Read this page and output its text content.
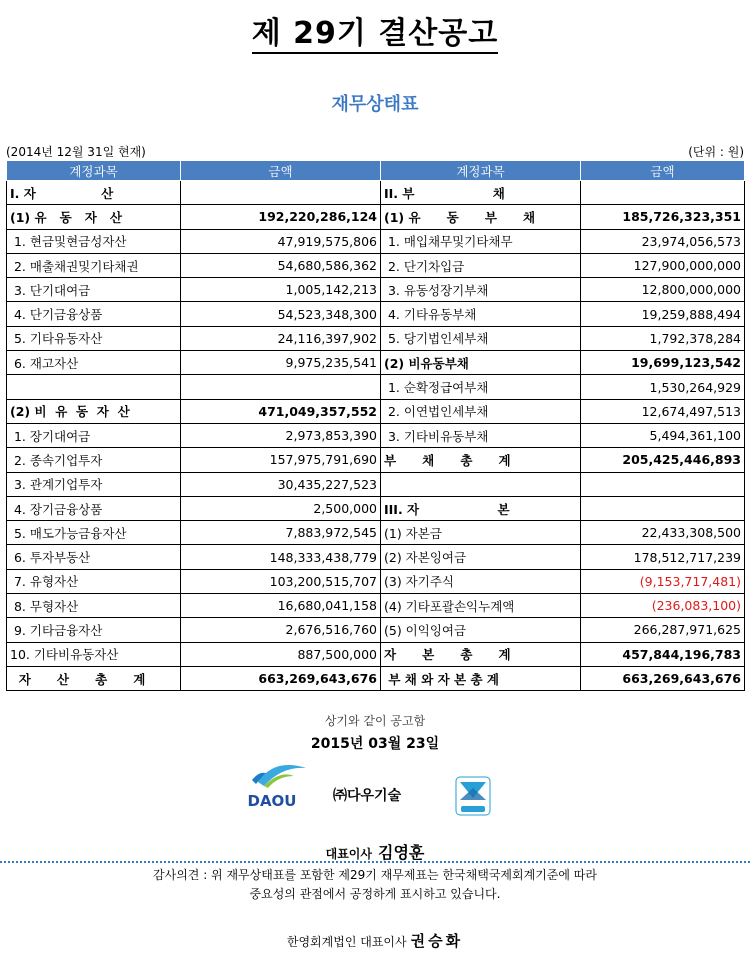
제 29기 결산공고
재무상태표
(2014년 12월 31일 현재)	(단위 : 원)
계정과목	금액	계정과목	금액
I. 자               산		II. 부                  채	
(1) 유   동   자   산	192,220,286,124	(1) 유      동      부      채	185,726,323,351
1. 현금및현금성자산	47,919,575,806	1. 매입채무및기타채무	23,974,056,573
2. 매출채권및기타채권	54,680,586,362	2. 단기차입금	127,900,000,000
3. 단기대여금	1,005,142,213	3. 유동성장기부채	12,800,000,000
4. 단기금융상품	54,523,348,300	4. 기타유동부채	19,259,888,494
5. 기타유동자산	24,116,397,902	5. 당기법인세부채	1,792,378,284
6. 재고자산	9,975,235,541	(2) 비유동부채	19,699,123,542
		1. 순확정급여부채	1,530,264,929
(2) 비  유  동  자  산	471,049,357,552	2. 이연법인세부채	12,674,497,513
1. 장기대여금	2,973,853,390	3. 기타비유동부채	5,494,361,100
2. 종속기업투자	157,975,791,690	부      채      총      계	205,425,446,893
3. 관계기업투자	30,435,227,523		
4. 장기금융상품	2,500,000	III. 자                  본	
5. 매도가능금융자산	7,883,972,545	(1) 자본금	22,433,308,500
6. 투자부동산	148,333,438,779	(2) 자본잉여금	178,512,717,239
7. 유형자산	103,200,515,707	(3) 자기주식	(9,153,717,481)
8. 무형자산	16,680,041,158	(4) 기타포괄손익누계액	(236,083,100)
9. 기타금융자산	2,676,516,760	(5) 이익잉여금	266,287,971,625
10. 기타비유동자산	887,500,000	자      본      총      계	457,844,196,783
자      산      총      계	663,269,643,676	부 채 와 자 본 총 계	663,269,643,676
상기와 같이 공고함
2015년 03월 23일
DAOU	㈜다우기술
대표이사 김영훈
감사의견 : 위 재무상태표를 포함한 제29기 재무제표는 한국채택국제회계기준에 따라
중요성의 관점에서 공정하게 표시하고 있습니다.
한영회계법인 대표이사 권승화
